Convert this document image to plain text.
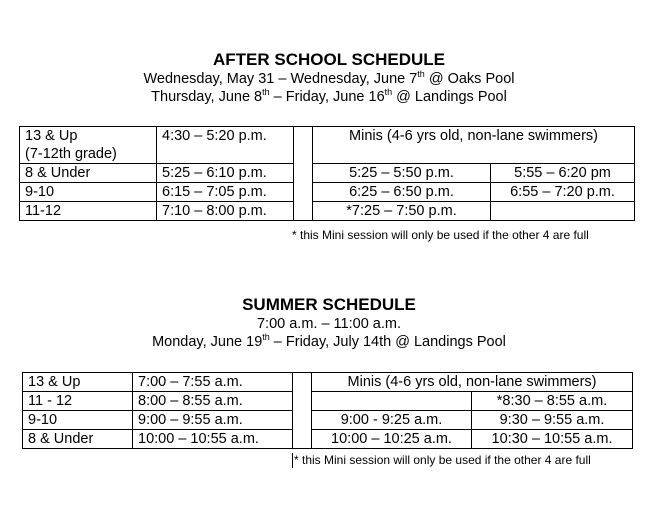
AFTER SCHOOL SCHEDULE
Wednesday, May 31 – Wednesday, June 7th @ Oaks Pool
Thursday, June 8th – Friday, June 16th @ Landings Pool
13 & Up
(7-12th grade)	4:30 – 5:20 p.m.		Minis (4-6 yrs old, non-lane swimmers)	
8 & Under	5:25 – 6:10 p.m.		5:25 – 5:50 p.m.	5:55 – 6:20 pm
9-10	6:15 – 7:05 p.m.		6:25 – 6:50 p.m.	6:55 – 7:20 p.m.
11-12	7:10 – 8:00 p.m.		*7:25 – 7:50 p.m.	
* this Mini session will only be used if the other 4 are full
SUMMER SCHEDULE
7:00 a.m. – 11:00 a.m.
Monday, June 19th – Friday, July 14th @ Landings Pool
13 & Up	7:00 – 7:55 a.m.		Minis (4-6 yrs old, non-lane swimmers)	
11 - 12	8:00 – 8:55 a.m.			*8:30 – 8:55 a.m.
9-10	9:00 – 9:55 a.m.		9:00 - 9:25 a.m.	9:30 – 9:55 a.m.
8 & Under	10:00 – 10:55 a.m.		10:00 – 10:25 a.m.	10:30 – 10:55 a.m.
* this Mini session will only be used if the other 4 are full
